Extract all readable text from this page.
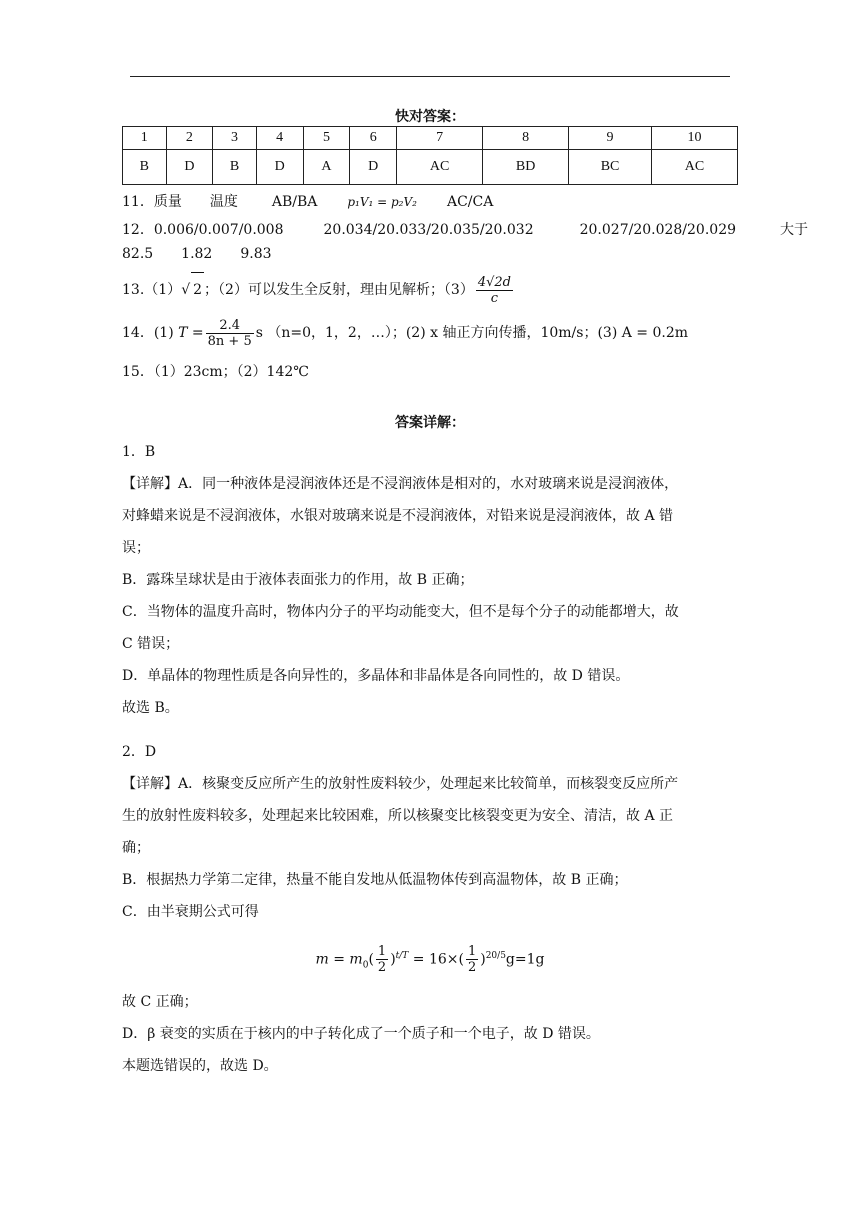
快对答案：
1	2	3	4	5	6	7	8	9	10
B	D	B	D	A	D	AC	BD	BC	AC
11．质量 温度 AB/BA	p₁V₁ = p₂V₂ AC/CA
12．0.006/0.007/0.008	20.034/20.033/20.035/20.032	20.027/20.028/20.029	大于
82.5 1.82 9.83
13.（1）√ 2 ；（2）可以发生全反射，理由见解析；$(3) \frac{4√2d}{c}$
14．(1) $T = \frac{2.4}{8n + 5}$ s （n=0，1，2，…）；(2) x 轴正方向传播，10m/s；(3) A = 0.2m
15．（1）23cm；（2）142℃
答案详解：

1．B

【详解】A．同一种液体是浸润液体还是不浸润液体是相对的，水对玻璃来说是浸润液体，

对蜂蜡来说是不浸润液体，水银对玻璃来说是不浸润液体，对铅来说是浸润液体，故 A 错

误；

B．露珠呈球状是由于液体表面张力的作用，故 B 正确；

C．当物体的温度升高时，物体内分子的平均动能变大，但不是每个分子的动能都增大，故

C 错误；

D．单晶体的物理性质是各向异性的，多晶体和非晶体是各向同性的，故 D 错误。

故选 B。

2．D

【详解】A．核聚变反应所产生的放射性废料较少，处理起来比较简单，而核裂变反应所产

生的放射性废料较多，处理起来比较困难，所以核聚变比核裂变更为安全、清洁，故 A 正

确；

B．根据热力学第二定律，热量不能自发地从低温物体传到高温物体，故 B 正确；

C．由半衰期公式可得

$m = m_0( \frac{1}{2} )^{t/T} = 16\times( \frac{1}{2} )^{20/5}g=1g$

故 C 正确；

D．β 衰变的实质在于核内的中子转化成了一个质子和一个电子，故 D 错误。

本题选错误的，故选 D。
